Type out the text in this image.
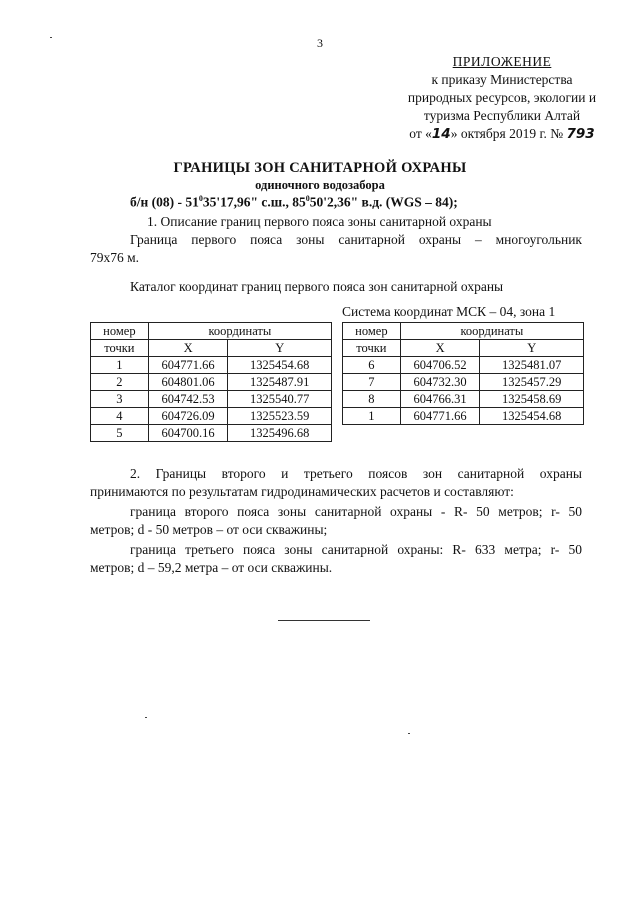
3
ПРИЛОЖЕНИЕ
к приказу Министерства
природных ресурсов, экологии и
туризма Республики Алтай
от «14» октября 2019 г. № 793
ГРАНИЦЫ ЗОН САНИТАРНОЙ ОХРАНЫ
одиночного водозабора
б/н $(08) - 51^035'17,96$" с.ш., $85^050'2,36$" в.д. (WGS – 84);
1. Описание границ первого пояса зоны санитарной охраны
Граница первого пояса зоны санитарной охраны – многоугольник
79х76 м.
Каталог координат границ первого пояса зон санитарной охраны
Система координат МСК – 04, зона 1
номер	координаты	
точки	X	Y
1	604771.66	1325454.68
2	604801.06	1325487.91
3	604742.53	1325540.77
4	604726.09	1325523.59
5	604700.16	1325496.68
номер	координаты	
точки	X	Y
6	604706.52	1325481.07
7	604732.30	1325457.29
8	604766.31	1325458.69
1	604771.66	1325454.68
2. Границы второго и третьего поясов зон санитарной охраны
принимаются по результатам гидродинамических расчетов и составляют:
граница второго пояса зоны санитарной охраны - R- 50 метров; r- 50
метров; d - 50 метров – от оси скважины;
граница третьего пояса зоны санитарной охраны: R- 633 метра; r- 50
метров; d – 59,2 метра – от оси скважины.
